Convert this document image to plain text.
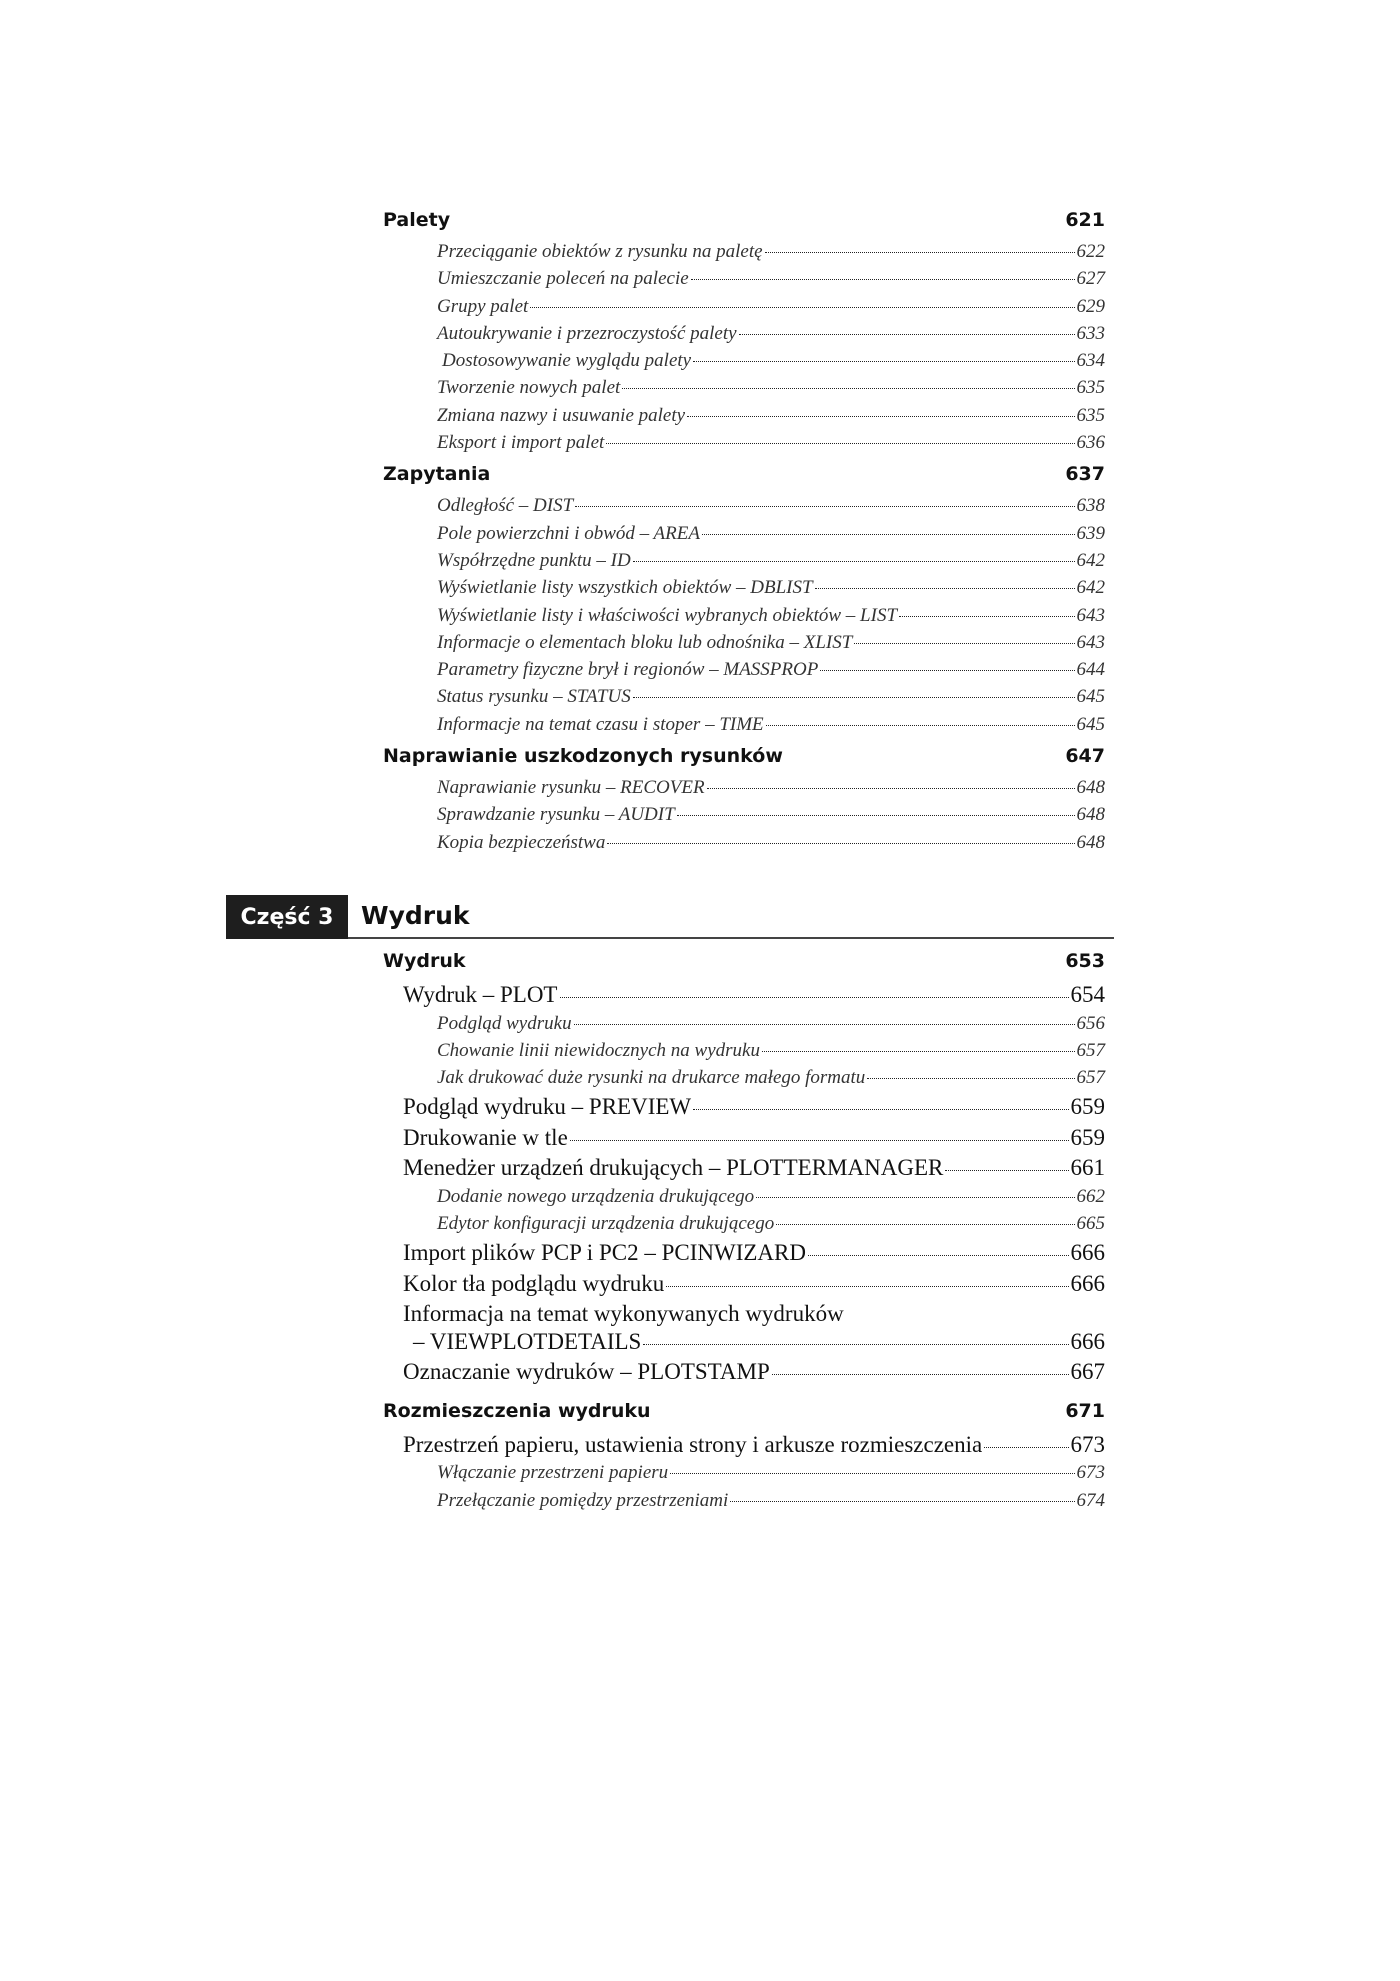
Palety	621
Przeciąganie obiektów z rysunku na paletę	622
Umieszczanie poleceń na palecie	627
Grupy palet	629
Autoukrywanie i przezroczystość palety	633
Dostosowywanie wyglądu palety	634
Tworzenie nowych palet	635
Zmiana nazwy i usuwanie palety	635
Eksport i import palet	636
Zapytania	637
Odległość – DIST	638
Pole powierzchni i obwód – AREA	639
Współrzędne punktu – ID	642
Wyświetlanie listy wszystkich obiektów – DBLIST	642
Wyświetlanie listy i właściwości wybranych obiektów – LIST	643
Informacje o elementach bloku lub odnośnika – XLIST	643
Parametry fizyczne brył i regionów – MASSPROP	644
Status rysunku – STATUS	645
Informacje na temat czasu i stoper – TIME	645
Naprawianie uszkodzonych rysunków	647
Naprawianie rysunku – RECOVER	648
Sprawdzanie rysunku – AUDIT	648
Kopia bezpieczeństwa	648
Część 3	Wydruk
Wydruk	653
Wydruk – PLOT	654
Podgląd wydruku	656
Chowanie linii niewidocznych na wydruku	657
Jak drukować duże rysunki na drukarce małego formatu	657
Podgląd wydruku – PREVIEW	659
Drukowanie w tle	659
Menedżer urządzeń drukujących – PLOTTERMANAGER	661
Dodanie nowego urządzenia drukującego	662
Edytor konfiguracji urządzenia drukującego	665
Import plików PCP i PC2 – PCINWIZARD	666
Kolor tła podglądu wydruku	666
Informacja na temat wykonywanych wydruków
– VIEWPLOTDETAILS	666
Oznaczanie wydruków – PLOTSTAMP	667
Rozmieszczenia wydruku	671
Przestrzeń papieru, ustawienia strony i arkusze rozmieszczenia	673
Włączanie przestrzeni papieru	673
Przełączanie pomiędzy przestrzeniami	674
